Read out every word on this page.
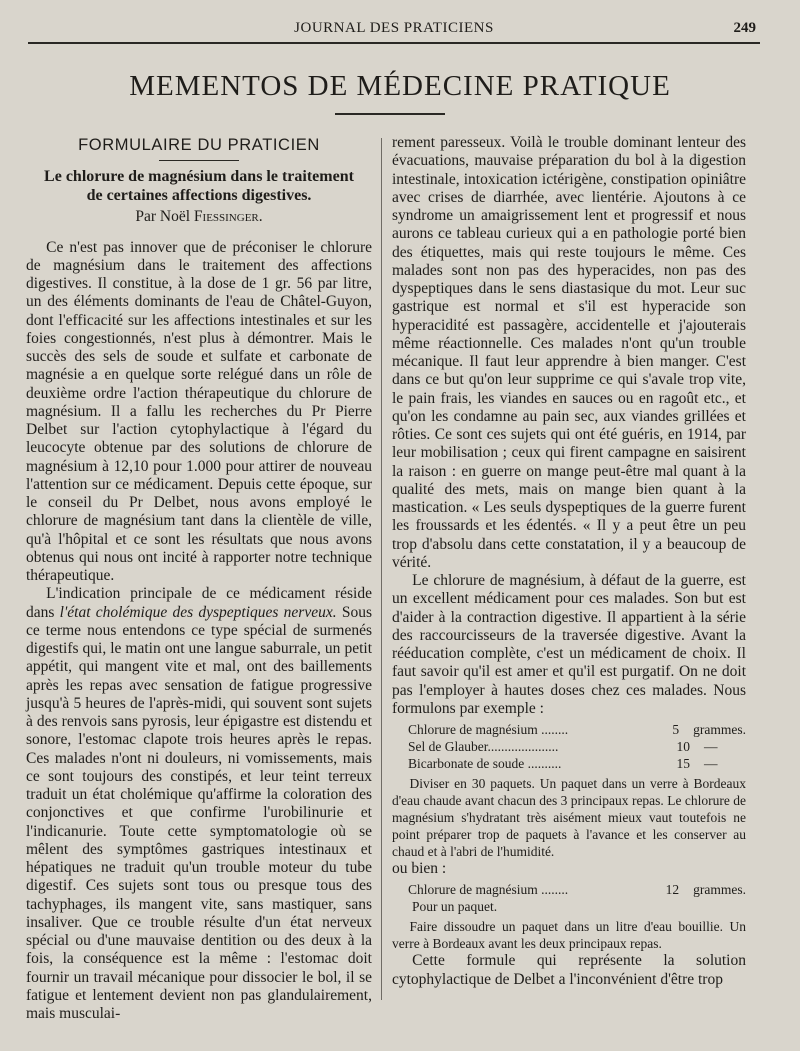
JOURNAL DES PRATICIENS	249
MEMENTOS DE MÉDECINE PRATIQUE
FORMULAIRE DU PRATICIEN
Le chlorure de magnésium dans le traitement
de certaines affections digestives.
Par Noël Fiessinger.

Ce n'est pas innover que de préconiser le chlorure de magnésium dans le traitement des affections digestives. Il constitue, à la dose de 1 gr. 56 par litre, un des éléments dominants de l'eau de Châtel-Guyon, dont l'efficacité sur les affections intestinales et sur les foies congestionnés, n'est plus à démontrer. Mais le succès des sels de soude et sulfate et carbonate de magnésie a en quelque sorte relégué dans un rôle de deuxième ordre l'action thérapeutique du chlorure de magnésium. Il a fallu les recherches du Pr Pierre Delbet sur l'action cytophylactique à l'égard du leucocyte obtenue par des solutions de chlorure de magnésium à 12,10 pour 1.000 pour attirer de nouveau l'attention sur ce médicament. Depuis cette époque, sur le conseil du Pr Delbet, nous avons employé le chlorure de magnésium tant dans la clientèle de ville, qu'à l'hôpital et ce sont les résultats que nous avons obtenus qui nous ont incité à rapporter notre technique thérapeutique.

L'indication principale de ce médicament réside dans l'état cholémique des dyspeptiques nerveux. Sous ce terme nous entendons ce type spécial de surmenés digestifs qui, le matin ont une langue saburrale, un petit appétit, qui mangent vite et mal, ont des baillements après les repas avec sensation de fatigue progressive jusqu'à 5 heures de l'après-midi, qui souvent sont sujets à des renvois sans pyrosis, leur épigastre est distendu et sonore, l'estomac clapote trois heures après le repas. Ces malades n'ont ni douleurs, ni vomissements, mais ce sont toujours des constipés, et leur teint terreux traduit un état cholémique qu'affirme la coloration des conjonctives et que confirme l'urobilinurie et l'indicanurie. Toute cette symptomatologie où se mêlent des symptômes gastriques intestinaux et hépatiques ne traduit qu'un trouble moteur du tube digestif. Ces sujets sont tous ou presque tous des tachyphages, ils mangent vite, sans mastiquer, sans insaliver. Que ce trouble résulte d'un état nerveux spécial ou d'une mauvaise dentition ou des deux à la fois, la conséquence est la même : l'estomac doit fournir un travail mécanique pour dissocier le bol, il se fatigue et lentement devient non pas glandulairement, mais musculai-

rement paresseux. Voilà le trouble dominant lenteur des évacuations, mauvaise préparation du bol à la digestion intestinale, intoxication ictérigène, constipation opiniâtre avec crises de diarrhée, avec lientérie. Ajoutons à ce syndrome un amaigrissement lent et progressif et nous aurons ce tableau curieux qui a en pathologie porté bien des étiquettes, mais qui reste toujours le même. Ces malades sont non pas des hyperacides, non pas des dyspeptiques dans le sens diastasique du mot. Leur suc gastrique est normal et s'il est hyperacide son hyperacidité est passagère, accidentelle et j'ajouterais même réactionnelle. Ces malades n'ont qu'un trouble mécanique. Il faut leur apprendre à bien manger. C'est dans ce but qu'on leur supprime ce qui s'avale trop vite, le pain frais, les viandes en sauces ou en ragoût etc., et qu'on les condamne au pain sec, aux viandes grillées et rôties. Ce sont ces sujets qui ont été guéris, en 1914, par leur mobilisation ; ceux qui firent campagne en saisirent la raison : en guerre on mange peut-être mal quant à la qualité des mets, mais on mange bien quant à la mastication. « Les seuls dyspeptiques de la guerre furent les froussards et les édentés. « Il y a peut être un peu trop d'absolu dans cette constatation, il y a beaucoup de vérité.

Le chlorure de magnésium, à défaut de la guerre, est un excellent médicament pour ces malades. Son but est d'aider à la contraction digestive. Il appartient à la série des raccourcisseurs de la traversée digestive. Avant la rééducation complète, c'est un médicament de choix. Il faut savoir qu'il est amer et qu'il est purgatif. On ne doit pas l'employer à hautes doses chez ces malades. Nous formulons par exemple :

Chlorure de magnésium ........	5	grammes.
Sel de Glauber.....................	10	—
Bicarbonate de soude ..........	15	—

Diviser en 30 paquets. Un paquet dans un verre à Bordeaux d'eau chaude avant chacun des 3 principaux repas. Le chlorure de magnésium s'hydratant très aisément mieux vaut toutefois ne point préparer trop de paquets à l'avance et les conserver au chaud et à l'abri de l'humidité.

ou bien :

Chlorure de magnésium ........	12	grammes.
Pour un paquet.

Faire dissoudre un paquet dans un litre d'eau bouillie. Un verre à Bordeaux avant les deux principaux repas.

Cette formule qui représente la solution cytophylactique de Delbet a l'inconvénient d'être trop
